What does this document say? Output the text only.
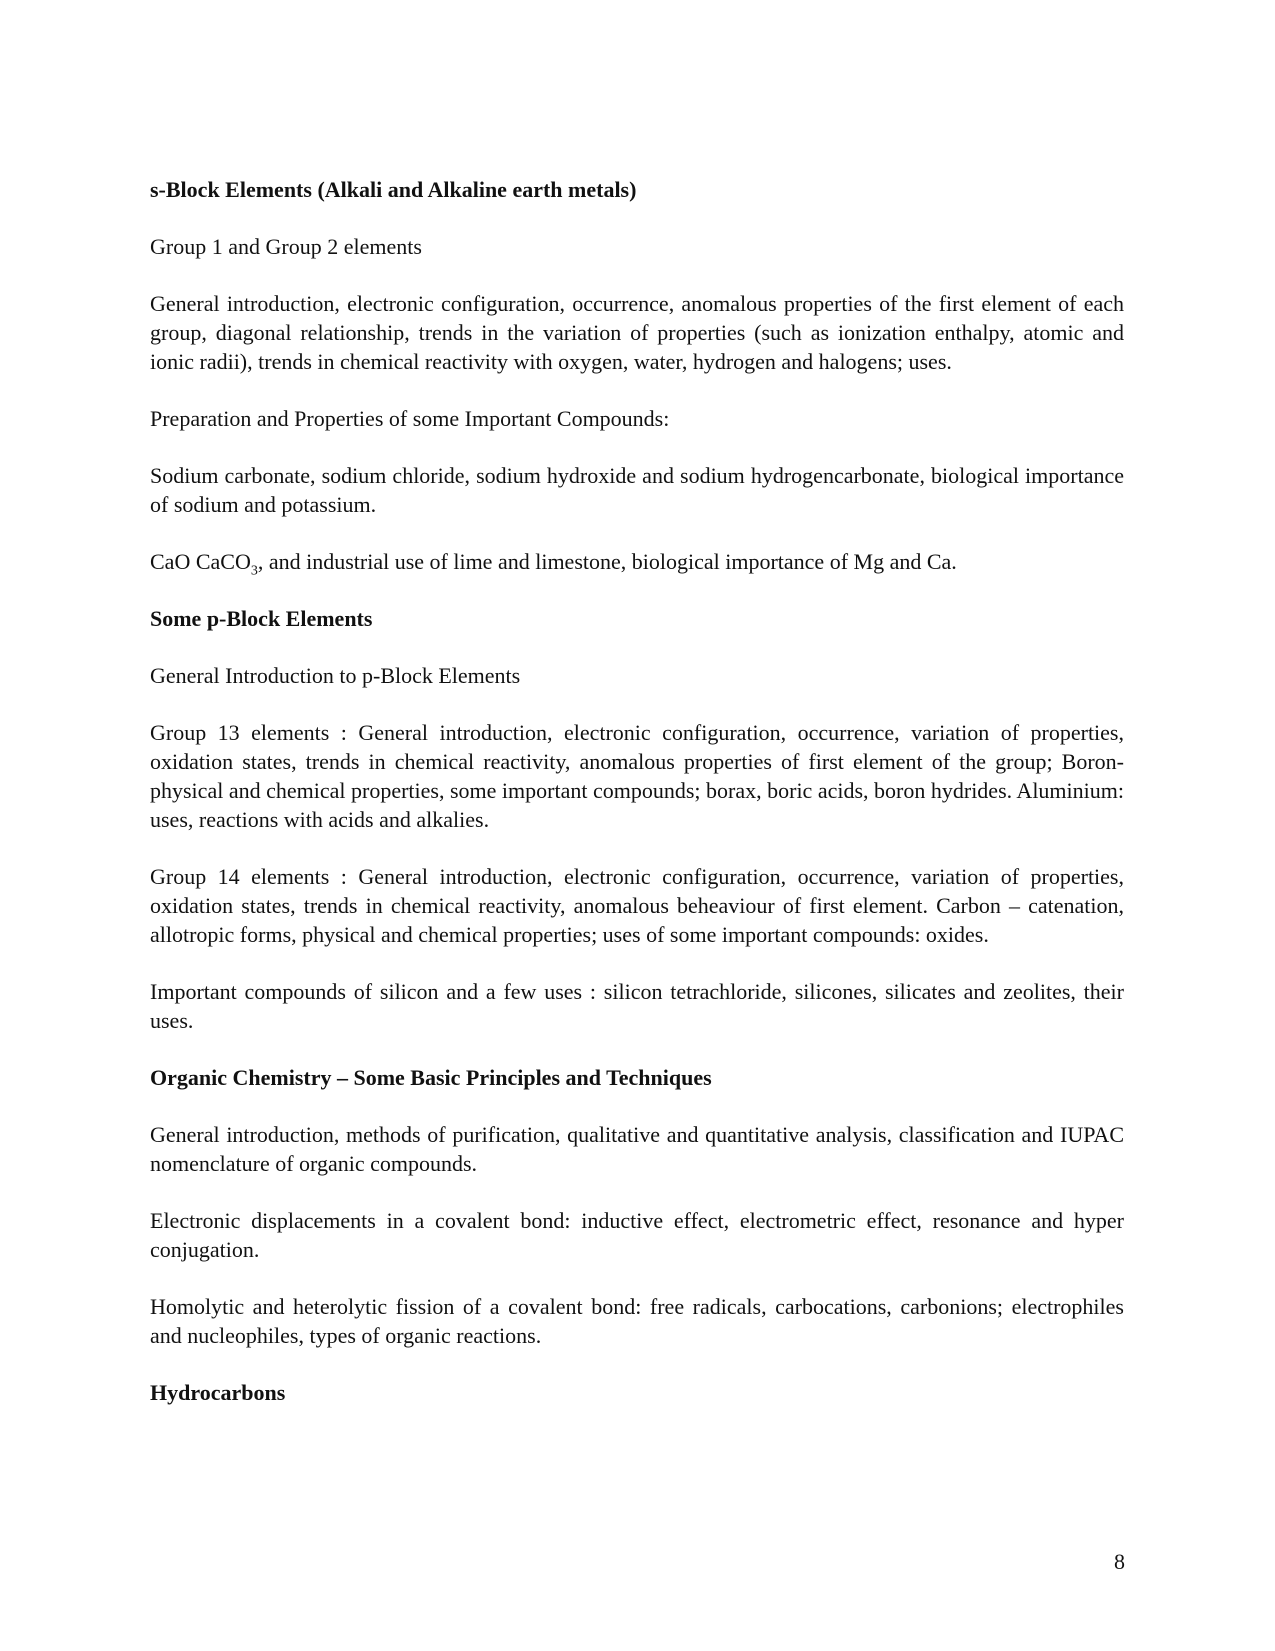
s-Block Elements (Alkali and Alkaline earth metals)
Group 1 and Group 2 elements
General introduction, electronic configuration, occurrence, anomalous properties of the first element of each group, diagonal relationship, trends in the variation of properties (such as ionization enthalpy, atomic and ionic radii), trends in chemical reactivity with oxygen, water, hydrogen and halogens; uses.
Preparation and Properties of some Important Compounds:
Sodium carbonate, sodium chloride, sodium hydroxide and sodium hydrogencarbonate, biological importance of sodium and potassium.
CaO CaCO$_3$, and industrial use of lime and limestone, biological importance of Mg and Ca.
Some p-Block Elements
General Introduction to p-Block Elements
Group 13 elements : General introduction, electronic configuration, occurrence, variation of properties, oxidation states, trends in chemical reactivity, anomalous properties of first element of the group; Boron-physical and chemical properties, some important compounds; borax, boric acids, boron hydrides. Aluminium: uses, reactions with acids and alkalies.
Group 14 elements : General introduction, electronic configuration, occurrence, variation of properties, oxidation states, trends in chemical reactivity, anomalous beheaviour of first element. Carbon – catenation, allotropic forms, physical and chemical properties; uses of some important compounds: oxides.
Important compounds of silicon and a few uses : silicon tetrachloride, silicones, silicates and zeolites, their uses.
Organic Chemistry – Some Basic Principles and Techniques
General introduction, methods of purification, qualitative and quantitative analysis, classification and IUPAC nomenclature of organic compounds.
Electronic displacements in a covalent bond: inductive effect, electrometric effect, resonance and hyper conjugation.
Homolytic and heterolytic fission of a covalent bond: free radicals, carbocations, carbonions; electrophiles and nucleophiles, types of organic reactions.
Hydrocarbons
8
